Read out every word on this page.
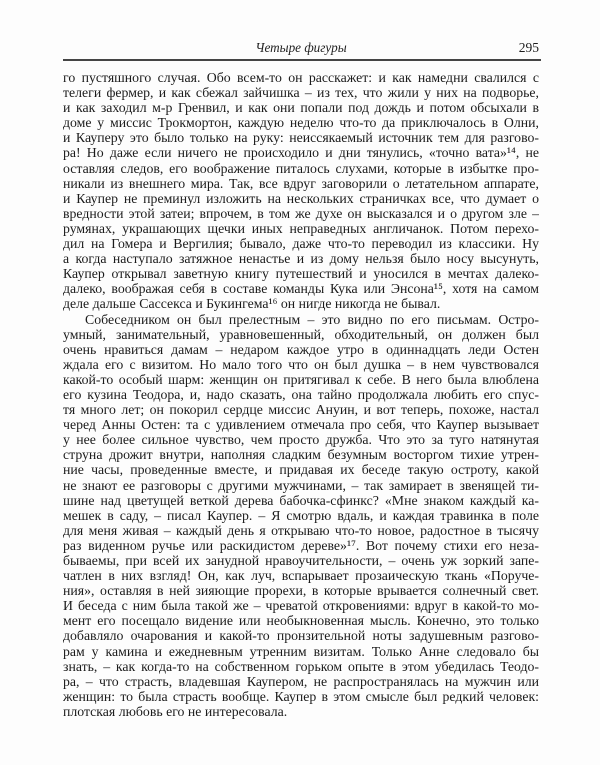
Четыре фигуры	295
го пустяшного случая. Обо всем-то он расскажет: и как намедни свалился с
телеги фермер, и как сбежал зайчишка – из тех, что жили у них на подворье,
и как заходил м-р Гренвил, и как они попали под дождь и потом обсыхали в
доме у миссис Трокмортон, каждую неделю что-то да приключалось в Олни,
и Кауперу это было только на руку: неиссякаемый источник тем для разгово-
ра! Но даже если ничего не происходило и дни тянулись, «точно вата»¹⁴, не
оставляя следов, его воображение питалось слухами, которые в избытке про-
никали из внешнего мира. Так, все вдруг заговорили о летательном аппарате,
и Каупер не преминул изложить на нескольких страничках все, что думает о
вредности этой затеи; впрочем, в том же духе он высказался и о другом зле –
румянах, украшающих щечки иных неправедных англичанок. Потом перехо-
дил на Гомера и Вергилия; бывало, даже что-то переводил из классики. Ну
а когда наступало затяжное ненастье и из дому нельзя было носу высунуть,
Каупер открывал заветную книгу путешествий и уносился в мечтах далеко-
далеко, воображая себя в составе команды Кука или Энсона¹⁵, хотя на самом
деле дальше Сассекса и Букингема¹⁶ он нигде никогда не бывал.
Собеседником он был прелестным – это видно по его письмам. Остро-
умный, занимательный, уравновешенный, обходительный, он должен был
очень нравиться дамам – недаром каждое утро в одиннадцать леди Остен
ждала его с визитом. Но мало того что он был душка – в нем чувствовался
какой-то особый шарм: женщин он притягивал к себе. В него была влюблена
его кузина Теодора, и, надо сказать, она тайно продолжала любить его спус-
тя много лет; он покорил сердце миссис Ануин, и вот теперь, похоже, настал
черед Анны Остен: та с удивлением отмечала про себя, что Каупер вызывает
у нее более сильное чувство, чем просто дружба. Что это за туго натянутая
струна дрожит внутри, наполняя сладким безумным восторгом тихие утрен-
ние часы, проведенные вместе, и придавая их беседе такую остроту, какой
не знают ее разговоры с другими мужчинами, – так замирает в звенящей ти-
шине над цветущей веткой дерева бабочка-сфинкс? «Мне знаком каждый ка-
мешек в саду, – писал Каупер. – Я смотрю вдаль, и каждая травинка в поле
для меня живая – каждый день я открываю что-то новое, радостное в тысячу
раз виденном ручье или раскидистом дереве»¹⁷. Вот почему стихи его неза-
бываемы, при всей их занудной нравоучительности, – очень уж зоркий запе-
чатлен в них взгляд! Он, как луч, вспарывает прозаическую ткань «Поруче-
ния», оставляя в ней зияющие прорехи, в которые врывается солнечный свет.
И беседа с ним была такой же – чреватой откровениями: вдруг в какой-то мо-
мент его посещало видение или необыкновенная мысль. Конечно, это только
добавляло очарования и какой-то пронзительной ноты задушевным разгово-
рам у камина и ежедневным утренним визитам. Только Анне следовало бы
знать, – как когда-то на собственном горьком опыте в этом убедилась Теодо-
ра, – что страсть, владевшая Каупером, не распространялась на мужчин или
женщин: то была страсть вообще. Каупер в этом смысле был редкий человек:
плотская любовь его не интересовала.
